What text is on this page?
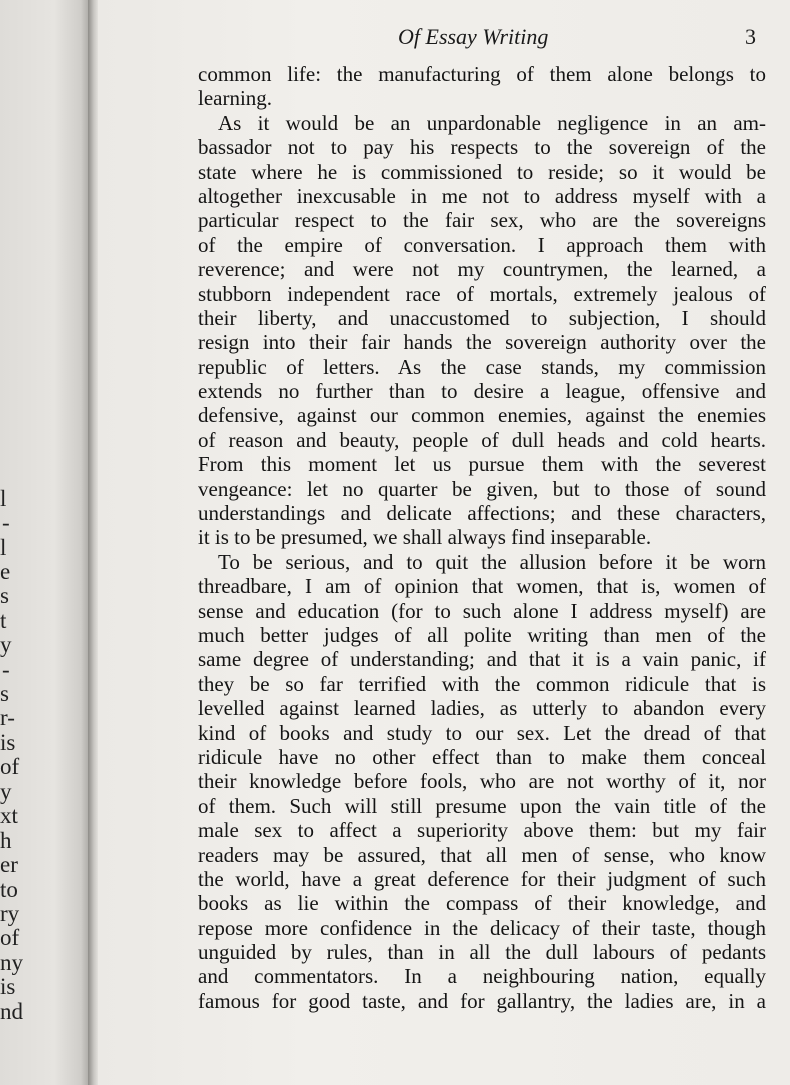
l
-
l
e
s
t
y
-
s
r-
is
of
y
xt
h
er
to
ry
of
ny
is
nd
Of Essay Writing	3
common life: the manufacturing of them alone belongs to
learning.
As it would be an unpardonable negligence in an am-
bassador not to pay his respects to the sovereign of the
state where he is commissioned to reside; so it would be
altogether inexcusable in me not to address myself with a
particular respect to the fair sex, who are the sovereigns
of the empire of conversation. I approach them with
reverence; and were not my countrymen, the learned, a
stubborn independent race of mortals, extremely jealous of
their liberty, and unaccustomed to subjection, I should
resign into their fair hands the sovereign authority over the
republic of letters. As the case stands, my commission
extends no further than to desire a league, offensive and
defensive, against our common enemies, against the enemies
of reason and beauty, people of dull heads and cold hearts.
From this moment let us pursue them with the severest
vengeance: let no quarter be given, but to those of sound
understandings and delicate affections; and these characters,
it is to be presumed, we shall always find inseparable.
To be serious, and to quit the allusion before it be worn
threadbare, I am of opinion that women, that is, women of
sense and education (for to such alone I address myself) are
much better judges of all polite writing than men of the
same degree of understanding; and that it is a vain panic, if
they be so far terrified with the common ridicule that is
levelled against learned ladies, as utterly to abandon every
kind of books and study to our sex. Let the dread of that
ridicule have no other effect than to make them conceal
their knowledge before fools, who are not worthy of it, nor
of them. Such will still presume upon the vain title of the
male sex to affect a superiority above them: but my fair
readers may be assured, that all men of sense, who know
the world, have a great deference for their judgment of such
books as lie within the compass of their knowledge, and
repose more confidence in the delicacy of their taste, though
unguided by rules, than in all the dull labours of pedants
and commentators. In a neighbouring nation, equally
famous for good taste, and for gallantry, the ladies are, in a
